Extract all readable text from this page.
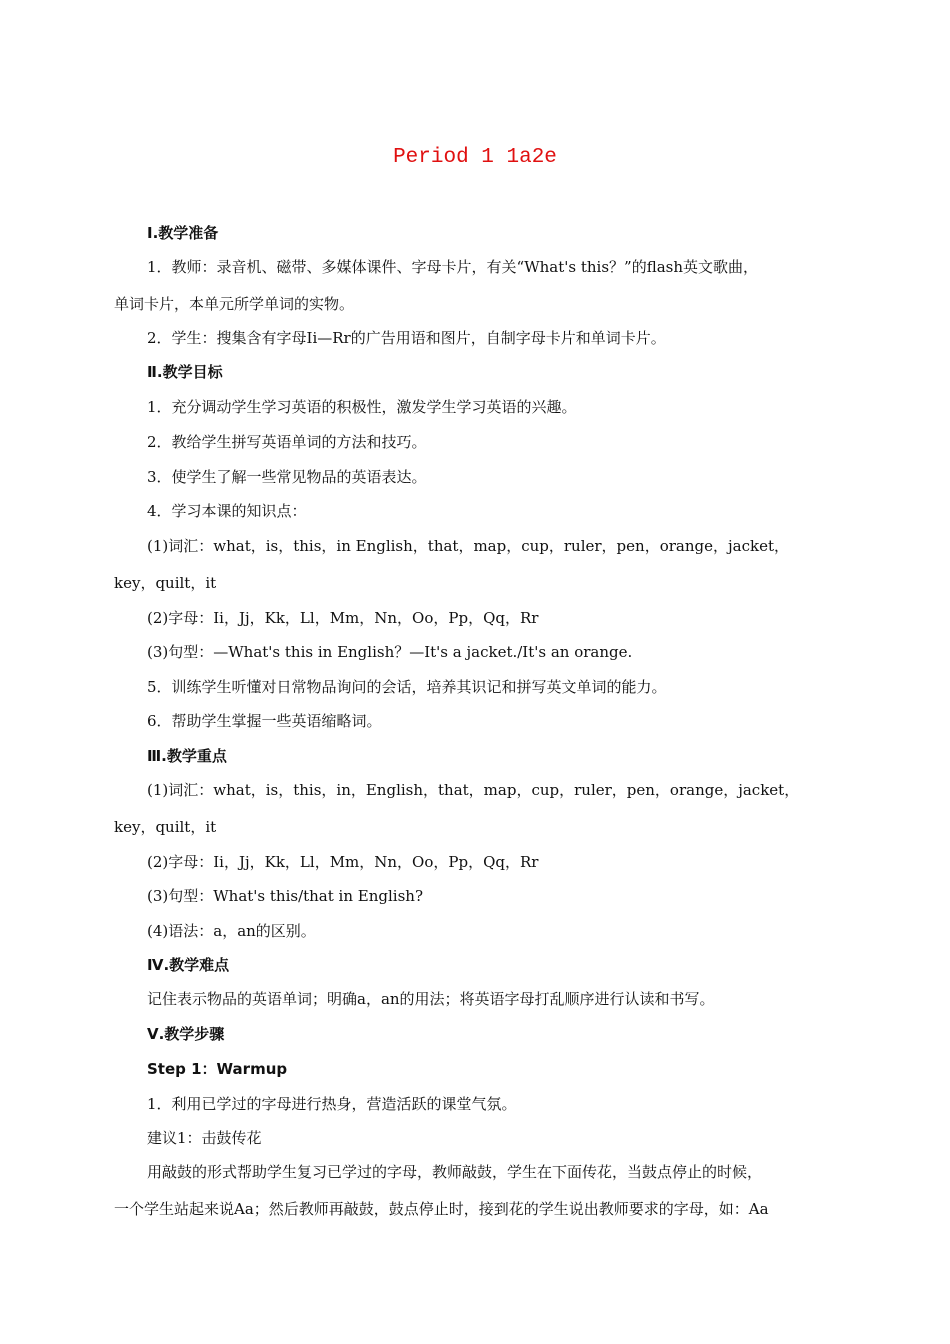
Period 1 1a2e
Ⅰ.教学准备
1．教师：录音机、磁带、多媒体课件、字母卡片，有关“What's this？”的flash英文歌曲，
单词卡片，本单元所学单词的实物。
2．学生：搜集含有字母Ii—Rr的广告用语和图片，自制字母卡片和单词卡片。
Ⅱ.教学目标
1．充分调动学生学习英语的积极性，激发学生学习英语的兴趣。
2．教给学生拼写英语单词的方法和技巧。
3．使学生了解一些常见物品的英语表达。
4．学习本课的知识点：
(1)词汇：what，is，this，in English，that，map，cup，ruler，pen，orange，jacket，
key，quilt，it
(2)字母：Ii，Jj，Kk，Ll，Mm，Nn，Oo，Pp，Qq，Rr
(3)句型：—What's this in English？—It's a jacket./It's an orange.
5．训练学生听懂对日常物品询问的会话，培养其识记和拼写英文单词的能力。
6．帮助学生掌握一些英语缩略词。
Ⅲ.教学重点
(1)词汇：what，is，this，in，English，that，map，cup，ruler，pen，orange，jacket，
key，quilt，it
(2)字母：Ii，Jj，Kk，Ll，Mm，Nn，Oo，Pp，Qq，Rr
(3)句型：What's this/that in English?
(4)语法：a，an的区别。
Ⅳ.教学难点
记住表示物品的英语单词；明确a，an的用法；将英语字母打乱顺序进行认读和书写。
Ⅴ.教学步骤
Step 1：Warmup
1．利用已学过的字母进行热身，营造活跃的课堂气氛。
建议1：击鼓传花
用敲鼓的形式帮助学生复习已学过的字母，教师敲鼓，学生在下面传花，当鼓点停止的时候，
一个学生站起来说Aa；然后教师再敲鼓，鼓点停止时，接到花的学生说出教师要求的字母，如：Aa
